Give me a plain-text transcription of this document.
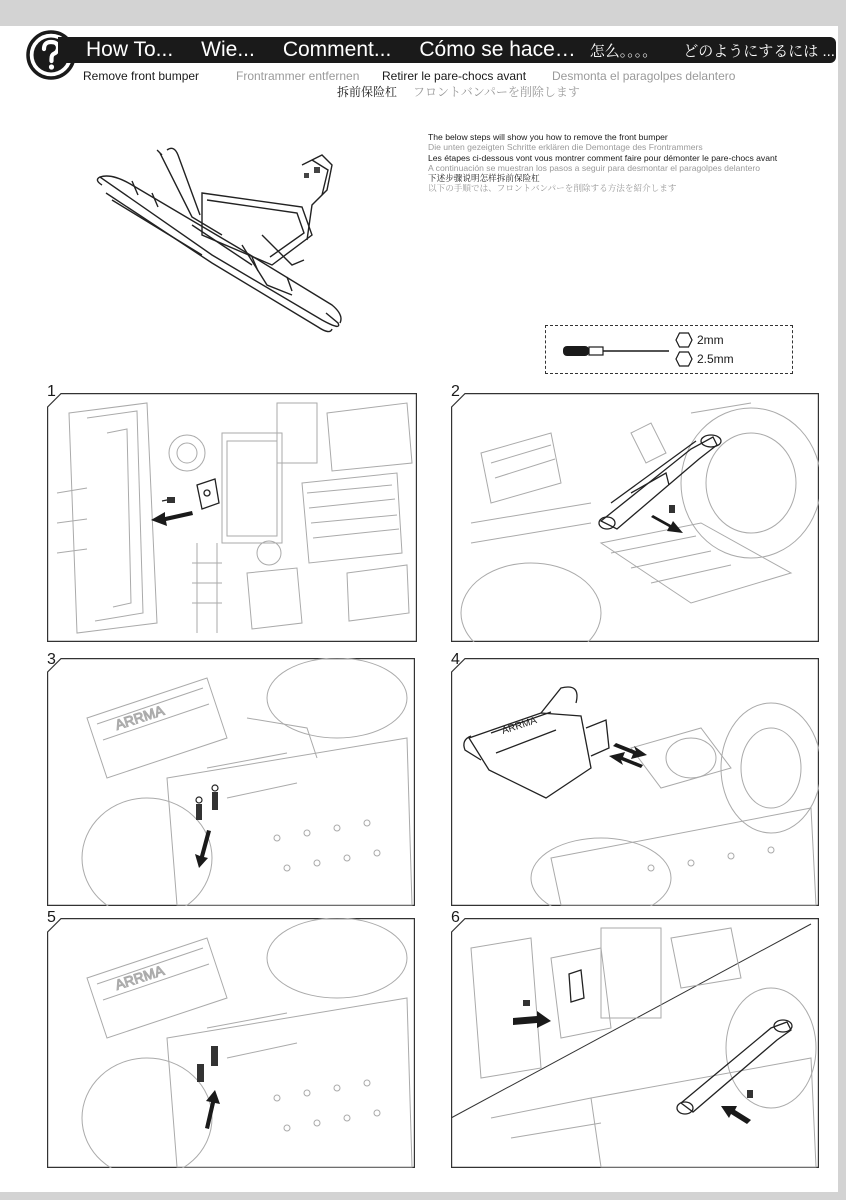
How To... Wie... Comment... Cómo se hace… 怎么。。。。 どのようにするには ...
Remove front bumper	Frontrammer entfernen Retirer le pare-chocs avant Desmonta el paragolpes delantero
拆前保险杠 フロントバンパーを削除します
The below steps will show you how to remove the front bumper
Die unten gezeigten Schritte erklären die Demontage des Frontrammers
Les étapes ci-dessous vont vous montrer comment faire pour démonter le pare-chocs avant
A continuación se muestran los pasos a seguir para desmontar el paragolpes delantero
下述步骤说明怎样拆前保险杠
以下の手順では、フロントバンパーを削除する方法を紹介します
2mm
2.5mm
1	2
3	4
5	6
ARRMA	ARRMA
ARRMA
